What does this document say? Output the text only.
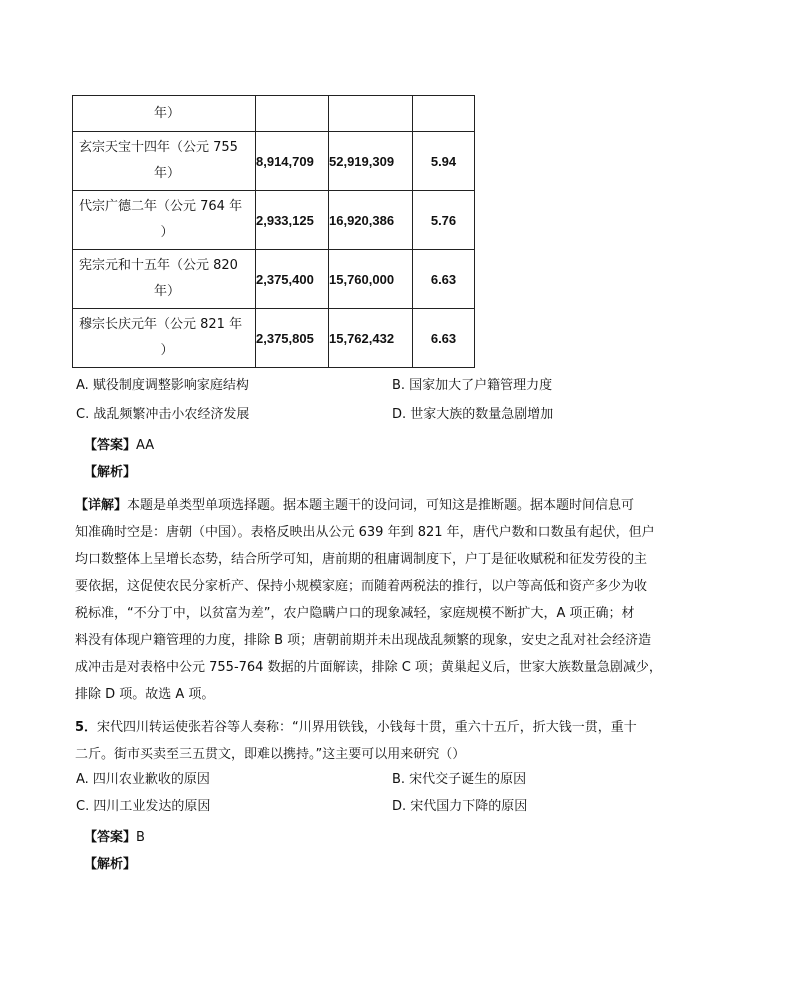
年）			

玄宗天宝十四年（公元 755
年）	8,914,709	52,919,309	5.94

代宗广德二年（公元 764 年
）	2,933,125	16,920,386	5.76

宪宗元和十五年（公元 820
年）	2,375,400	15,760,000	6.63

穆宗长庆元年（公元 821 年
）	2,375,805	15,762,432	6.63
A. 赋役制度调整影响家庭结构	B. 国家加大了户籍管理力度
C. 战乱频繁冲击小农经济发展	D. 世家大族的数量急剧增加
【答案】AA
【解析】
【详解】本题是单类型单项选择题。据本题主题干的设问词，可知这是推断题。据本题时间信息可
知准确时空是：唐朝（中国）。表格反映出从公元 639 年到 821 年，唐代户数和口数虽有起伏，但户
均口数整体上呈增长态势，结合所学可知，唐前期的租庸调制度下，户丁是征收赋税和征发劳役的主
要依据，这促使农民分家析产、保持小规模家庭；而随着两税法的推行，以户等高低和资产多少为收
税标准，“不分丁中，以贫富为差”，农户隐瞒户口的现象减轻，家庭规模不断扩大，A 项正确；材
料没有体现户籍管理的力度，排除 B 项；唐朝前期并未出现战乱频繁的现象，安史之乱对社会经济造
成冲击是对表格中公元 755-764 数据的片面解读，排除 C 项；黄巢起义后，世家大族数量急剧减少，
排除 D 项。故选 A 项。
5．宋代四川转运使张若谷等人奏称：“川界用铁钱，小钱每十贯，重六十五斤，折大钱一贯，重十
二斤。街市买卖至三五贯文，即难以携持。”这主要可以用来研究（）
A. 四川农业歉收的原因	B. 宋代交子诞生的原因
C. 四川工业发达的原因	D. 宋代国力下降的原因
【答案】B
【解析】
